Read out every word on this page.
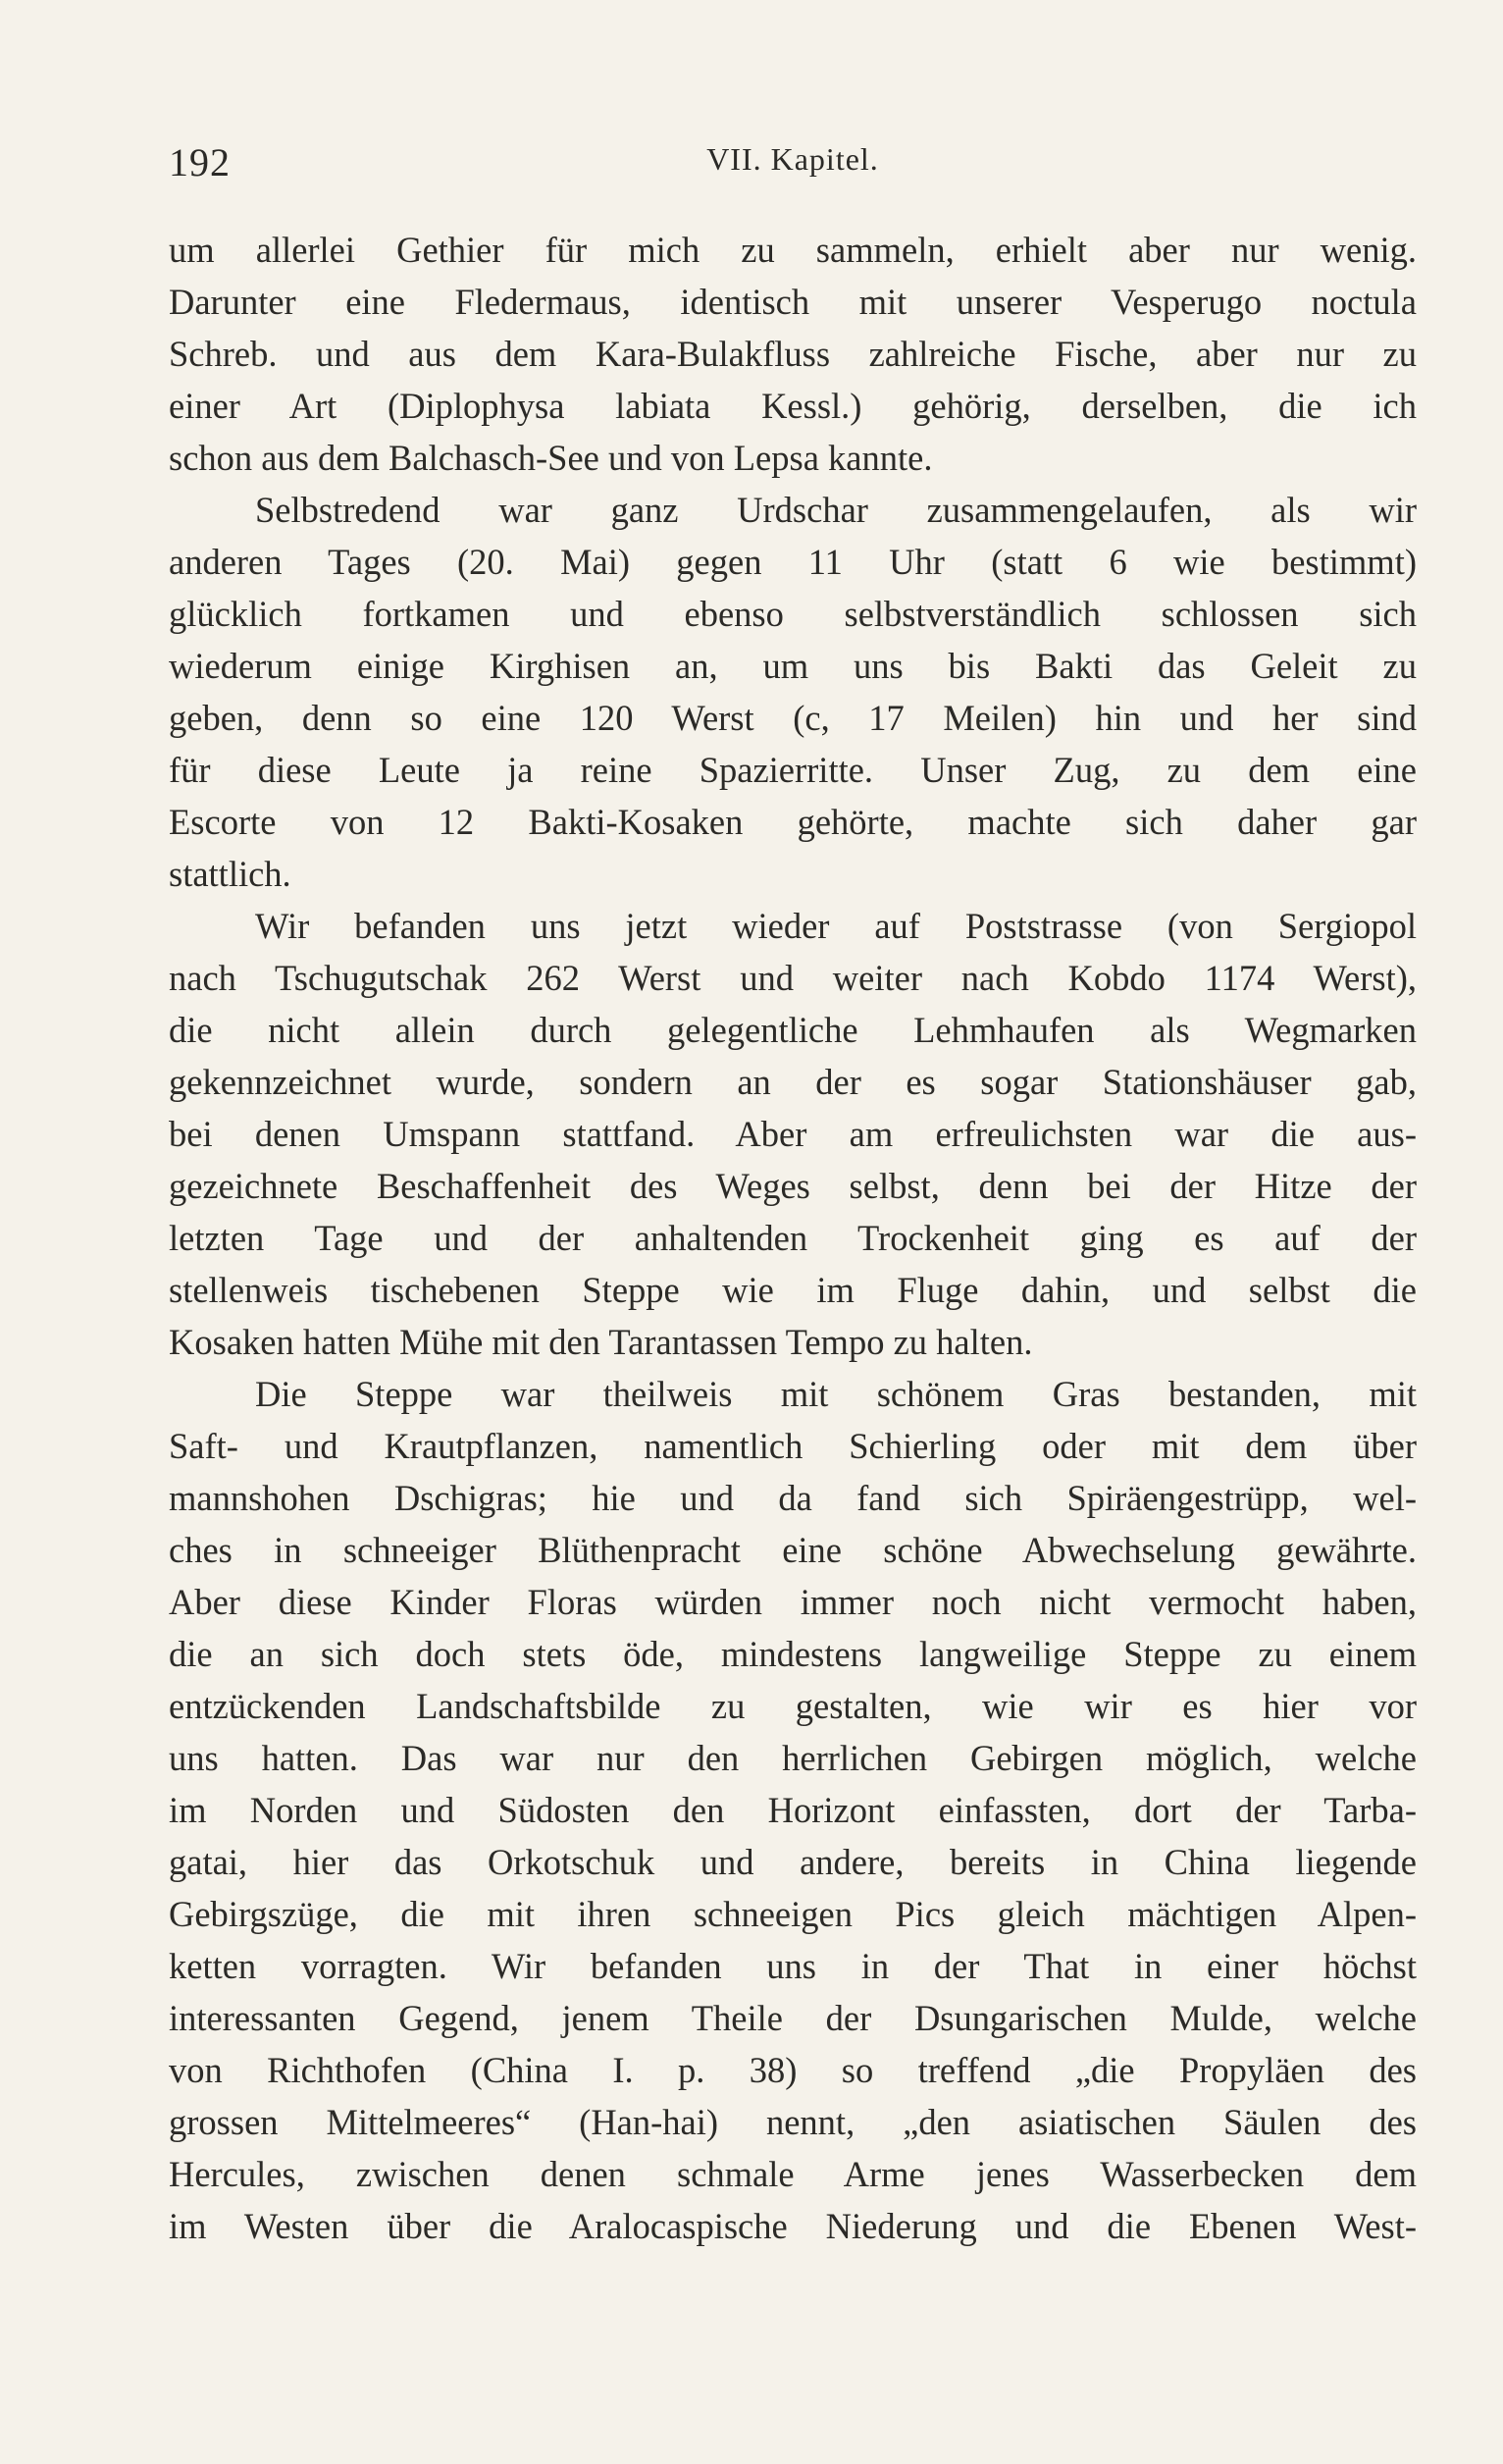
192	VII. Kapitel.
um allerlei Gethier für mich zu sammeln, erhielt aber nur wenig.
Darunter eine Fledermaus, identisch mit unserer Vesperugo noctula
Schreb. und aus dem Kara-Bulakfluss zahlreiche Fische, aber nur zu
einer Art (Diplophysa labiata Kessl.) gehörig, derselben, die ich
schon aus dem Balchasch-See und von Lepsa kannte.
Selbstredend war ganz Urdschar zusammengelaufen, als wir
anderen Tages (20. Mai) gegen 11 Uhr (statt 6 wie bestimmt)
glücklich fortkamen und ebenso selbstverständlich schlossen sich
wiederum einige Kirghisen an, um uns bis Bakti das Geleit zu
geben, denn so eine 120 Werst (c, 17 Meilen) hin und her sind
für diese Leute ja reine Spazierritte. Unser Zug, zu dem eine
Escorte von 12 Bakti-Kosaken gehörte, machte sich daher gar
stattlich.
Wir befanden uns jetzt wieder auf Poststrasse (von Sergiopol
nach Tschugutschak 262 Werst und weiter nach Kobdo 1174 Werst),
die nicht allein durch gelegentliche Lehmhaufen als Wegmarken
gekennzeichnet wurde, sondern an der es sogar Stationshäuser gab,
bei denen Umspann stattfand. Aber am erfreulichsten war die aus-
gezeichnete Beschaffenheit des Weges selbst, denn bei der Hitze der
letzten Tage und der anhaltenden Trockenheit ging es auf der
stellenweis tischebenen Steppe wie im Fluge dahin, und selbst die
Kosaken hatten Mühe mit den Tarantassen Tempo zu halten.
Die Steppe war theilweis mit schönem Gras bestanden, mit
Saft- und Krautpflanzen, namentlich Schierling oder mit dem über
mannshohen Dschigras; hie und da fand sich Spiräengestrüpp, wel-
ches in schneeiger Blüthenpracht eine schöne Abwechselung gewährte.
Aber diese Kinder Floras würden immer noch nicht vermocht haben,
die an sich doch stets öde, mindestens langweilige Steppe zu einem
entzückenden Landschaftsbilde zu gestalten, wie wir es hier vor
uns hatten. Das war nur den herrlichen Gebirgen möglich, welche
im Norden und Südosten den Horizont einfassten, dort der Tarba-
gatai, hier das Orkotschuk und andere, bereits in China liegende
Gebirgszüge, die mit ihren schneeigen Pics gleich mächtigen Alpen-
ketten vorragten. Wir befanden uns in der That in einer höchst
interessanten Gegend, jenem Theile der Dsungarischen Mulde, welche
von Richthofen (China I. p. 38) so treffend „die Propyläen des
grossen Mittelmeeres“ (Han-hai) nennt, „den asiatischen Säulen des
Hercules, zwischen denen schmale Arme jenes Wasserbecken dem
im Westen über die Aralocaspische Niederung und die Ebenen West-
